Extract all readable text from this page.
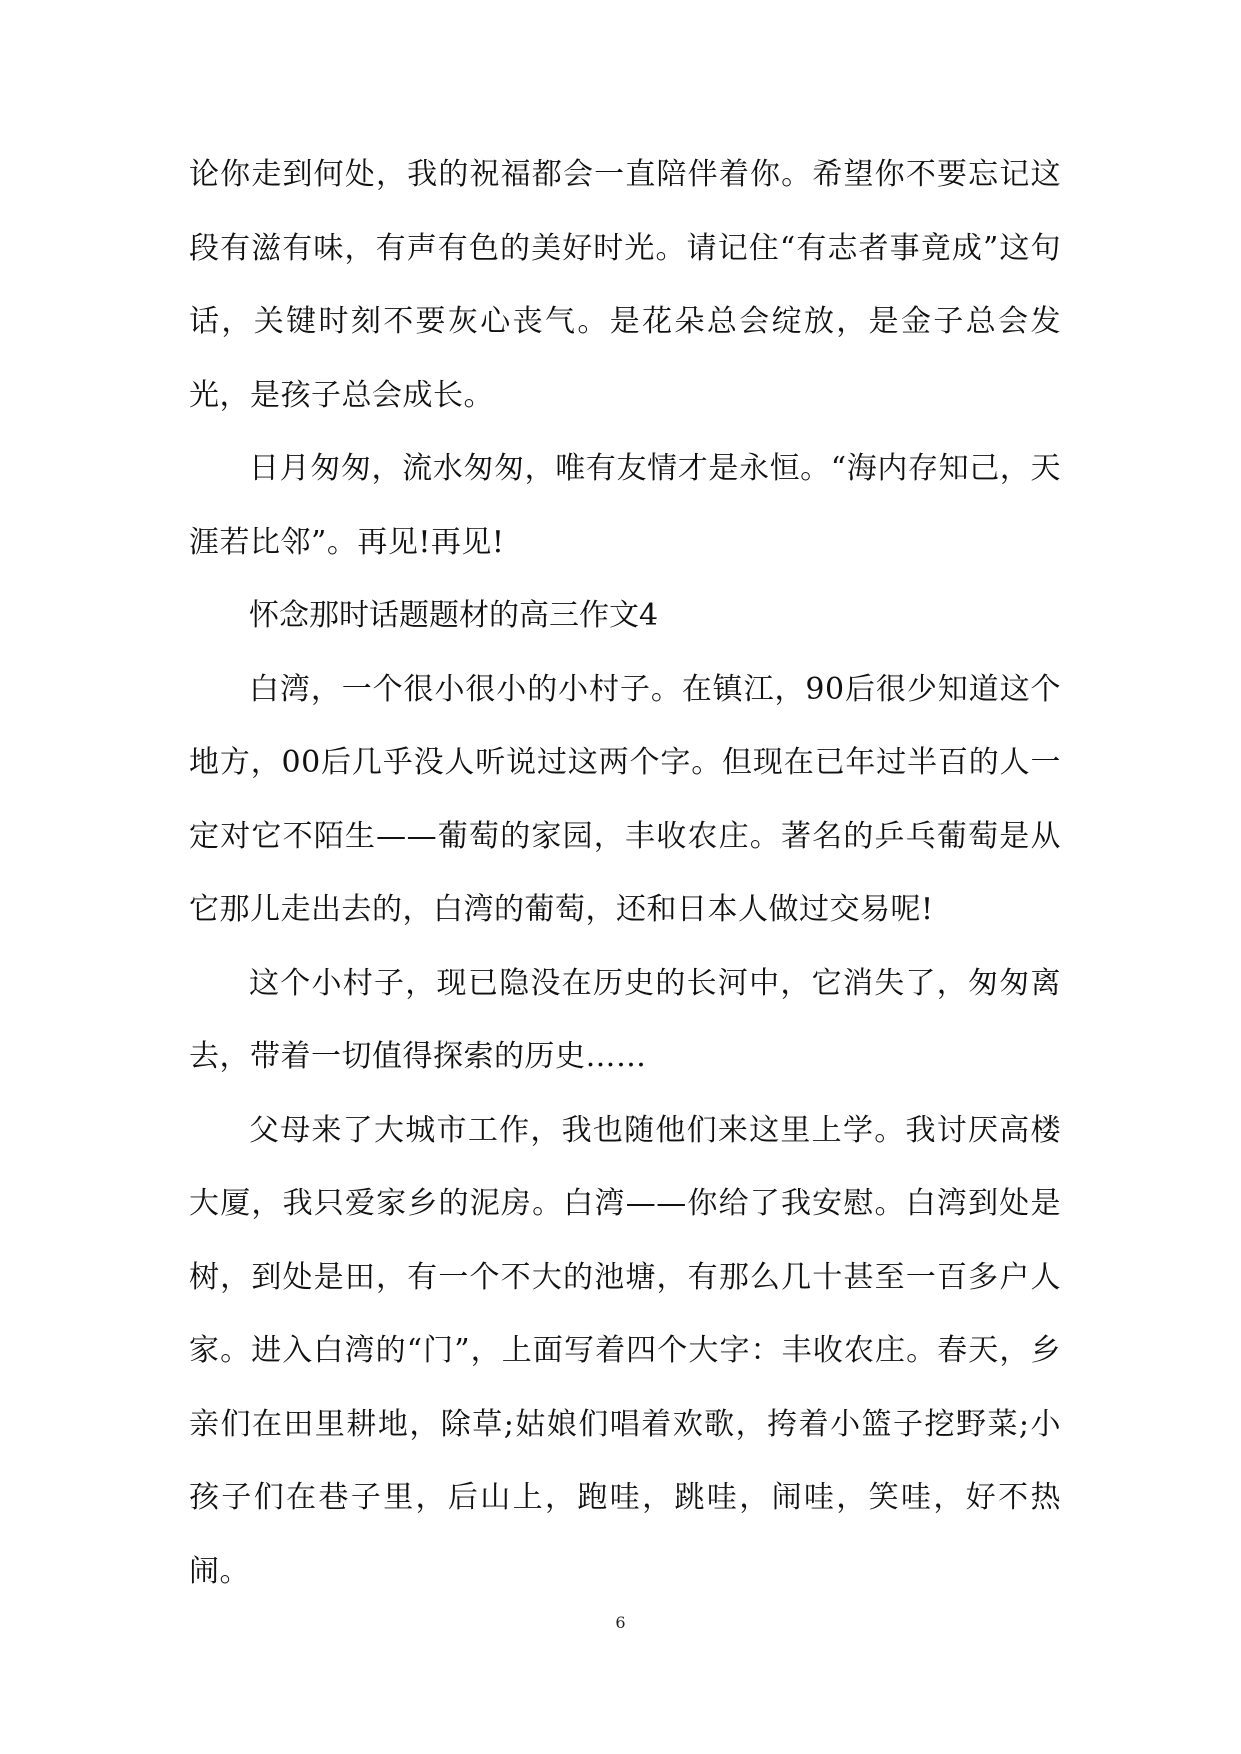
论你走到何处，我的祝福都会一直陪伴着你。希望你不要忘记这段有滋有味，有声有色的美好时光。请记住“有志者事竟成”这句话，关键时刻不要灰心丧气。是花朵总会绽放，是金子总会发光，是孩子总会成长。

日月匆匆，流水匆匆，唯有友情才是永恒。“海内存知己，天涯若比邻”。再见!再见!

怀念那时话题题材的高三作文4

白湾，一个很小很小的小村子。在镇江，90后很少知道这个地方，00后几乎没人听说过这两个字。但现在已年过半百的人一定对它不陌生——葡萄的家园，丰收农庄。著名的乒乓葡萄是从它那儿走出去的，白湾的葡萄，还和日本人做过交易呢!

这个小村子，现已隐没在历史的长河中，它消失了，匆匆离去，带着一切值得探索的历史……

父母来了大城市工作，我也随他们来这里上学。我讨厌高楼大厦，我只爱家乡的泥房。白湾——你给了我安慰。白湾到处是树，到处是田，有一个不大的池塘，有那么几十甚至一百多户人家。进入白湾的“门”，上面写着四个大字：丰收农庄。春天，乡亲们在田里耕地，除草;姑娘们唱着欢歌，挎着小篮子挖野菜;小孩子们在巷子里，后山上，跑哇，跳哇，闹哇，笑哇，好不热闹。

6
